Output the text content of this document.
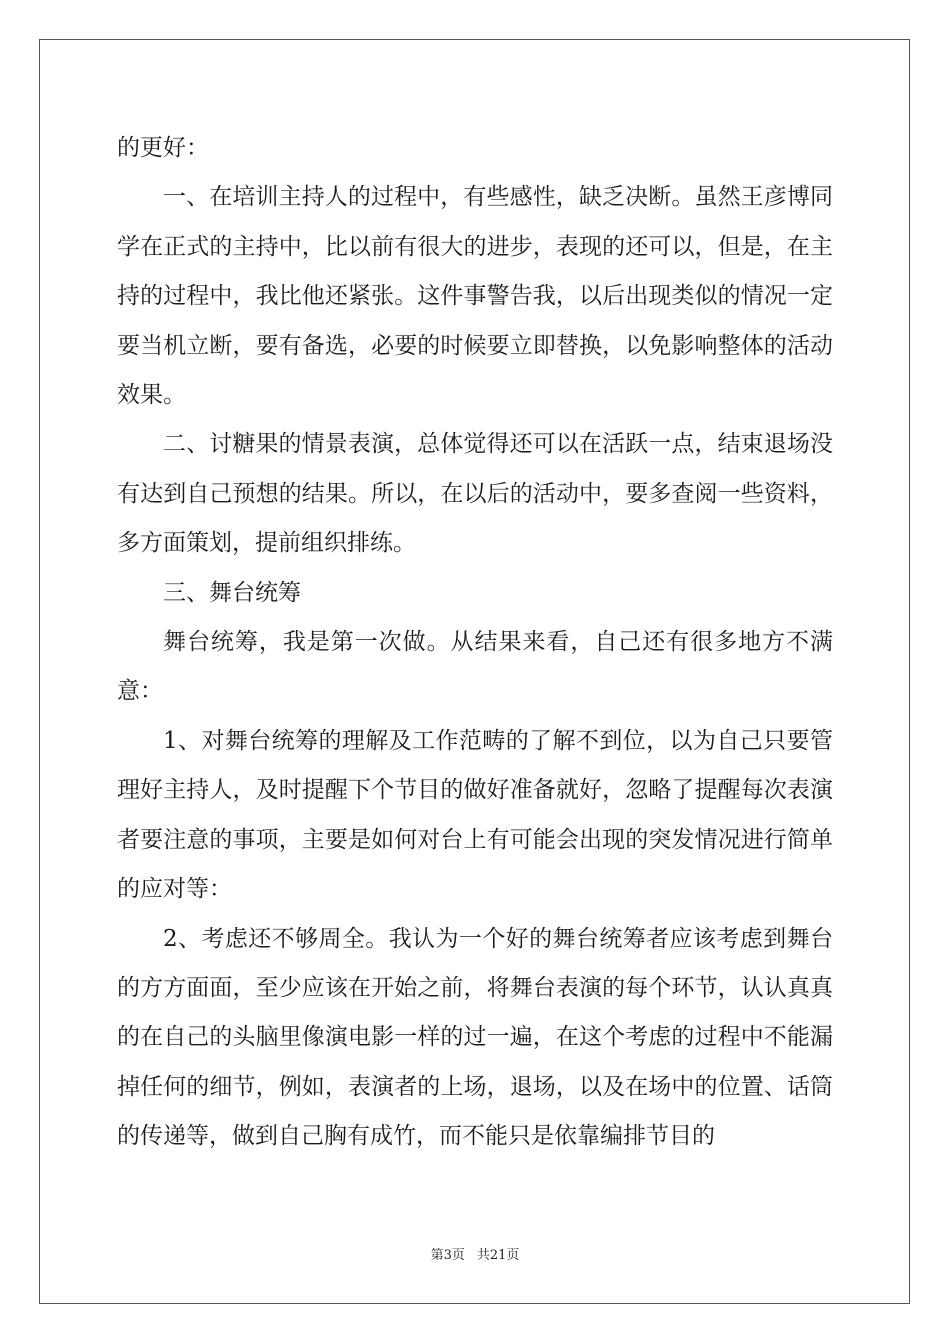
的更好：

一、在培训主持人的过程中，有些感性，缺乏决断。虽然王彦博同学在正式的主持中，比以前有很大的进步，表现的还可以，但是，在主持的过程中，我比他还紧张。这件事警告我，以后出现类似的情况一定要当机立断，要有备选，必要的时候要立即替换，以免影响整体的活动效果。

二、讨糖果的情景表演，总体觉得还可以在活跃一点，结束退场没有达到自己预想的结果。所以，在以后的活动中，要多查阅一些资料，多方面策划，提前组织排练。

三、舞台统筹

舞台统筹，我是第一次做。从结果来看，自己还有很多地方不满意：

1、对舞台统筹的理解及工作范畴的了解不到位，以为自己只要管理好主持人，及时提醒下个节目的做好准备就好，忽略了提醒每次表演者要注意的事项，主要是如何对台上有可能会出现的突发情况进行简单的应对等：

2、考虑还不够周全。我认为一个好的舞台统筹者应该考虑到舞台的方方面面，至少应该在开始之前，将舞台表演的每个环节，认认真真的在自己的头脑里像演电影一样的过一遍，在这个考虑的过程中不能漏掉任何的细节，例如，表演者的上场，退场，以及在场中的位置、话筒的传递等，做到自己胸有成竹，而不能只是依靠编排节目的

第3页 共21页
